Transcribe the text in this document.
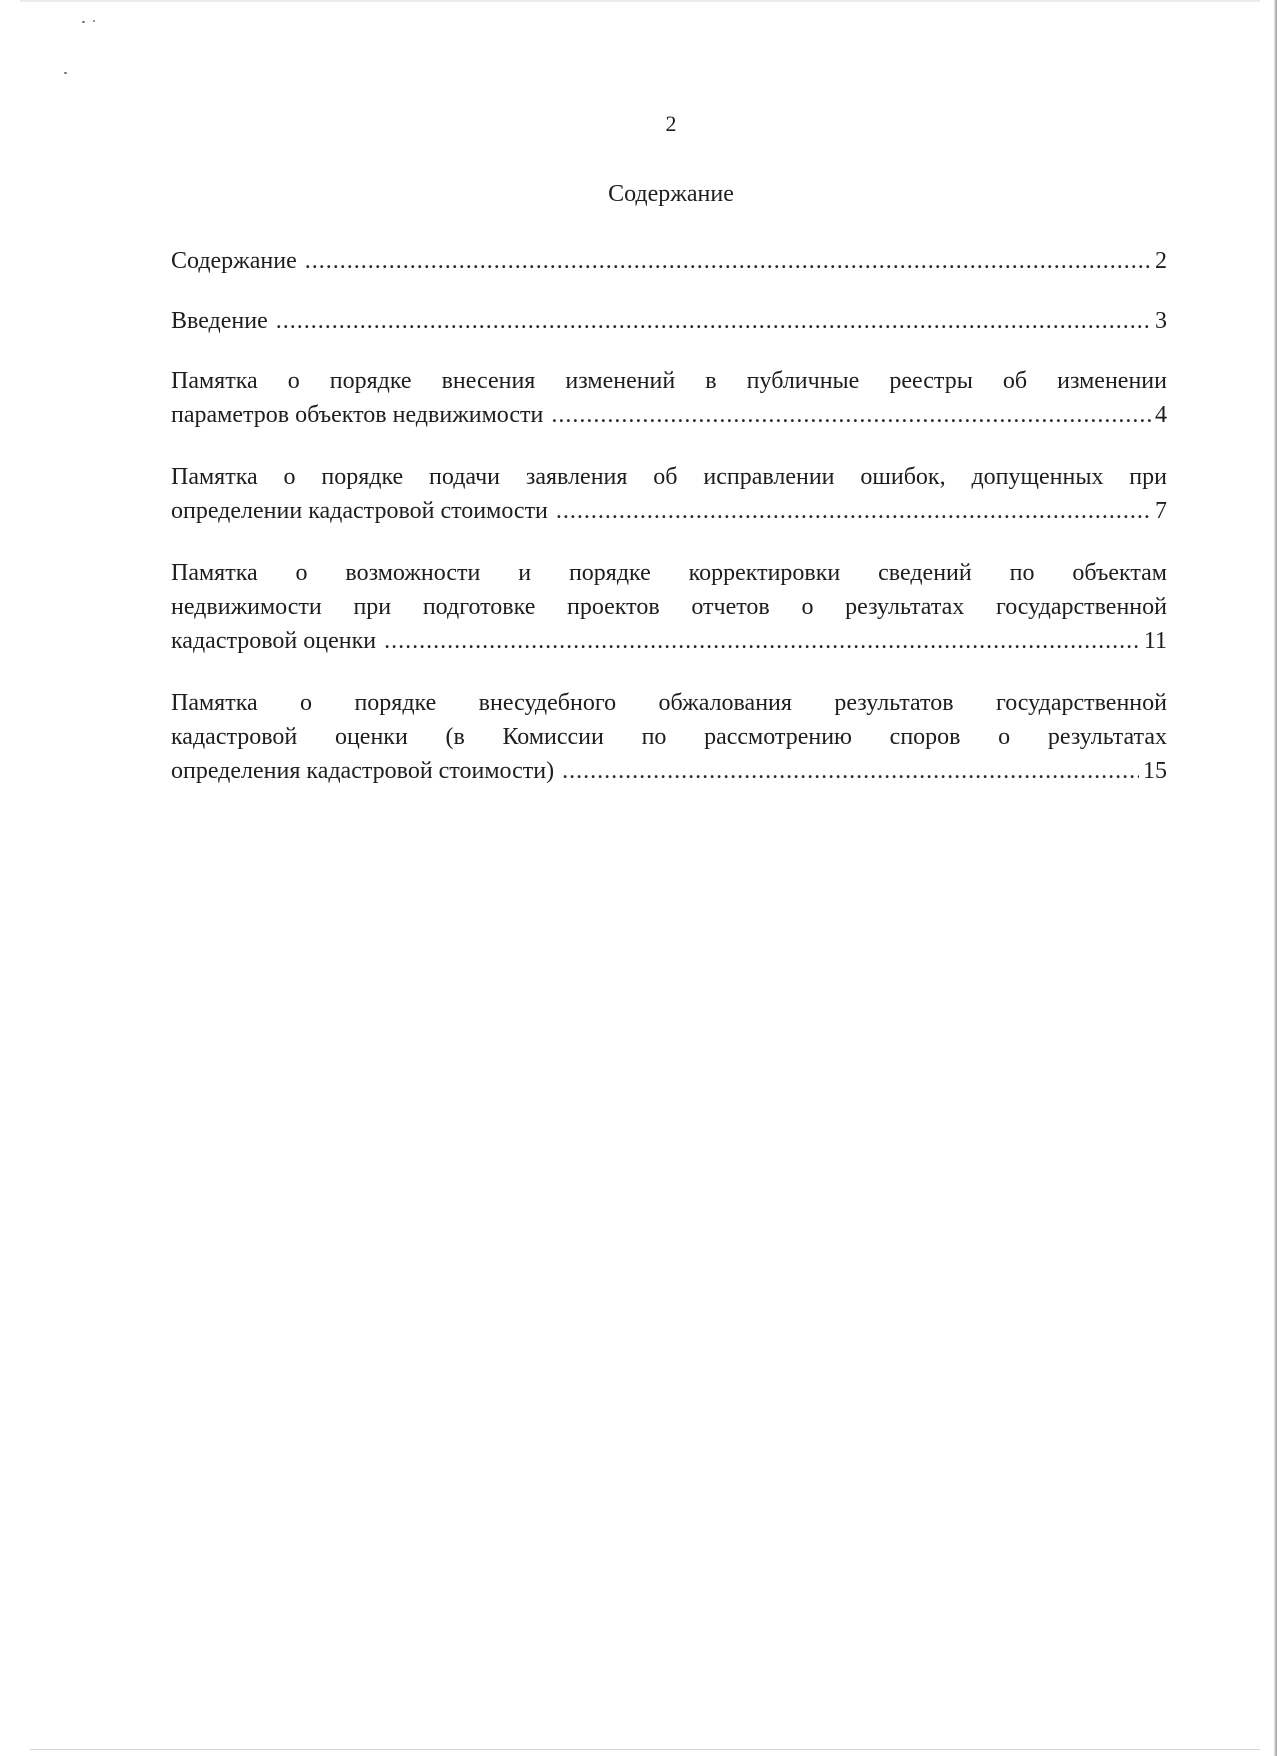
2
Содержание
Содержание .....	2
Введение .....	3
Памятка о порядке внесения изменений в публичные реестры об изменении
параметров объектов недвижимости .....	4
Памятка о порядке подачи заявления об исправлении ошибок, допущенных при
определении кадастровой стоимости .....	7
Памятка о возможности и порядке корректировки сведений по объектам
недвижимости при подготовке проектов отчетов о результатах государственной
кадастровой оценки .....	11
Памятка о порядке внесудебного обжалования результатов государственной
кадастровой оценки (в Комиссии по рассмотрению споров о результатах
определения кадастровой стоимости) .....	15
